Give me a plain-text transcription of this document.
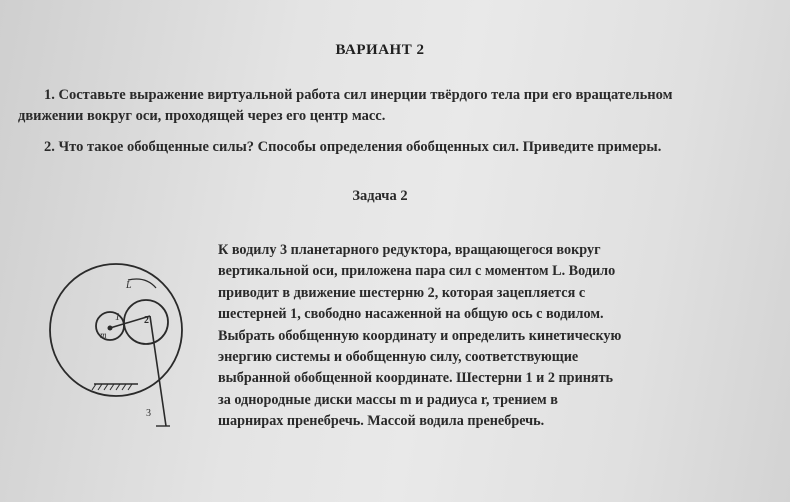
ВАРИАНТ 2
1. Составьте выражение виртуальной работа сил инерции твёрдого тела при его вращательном движении вокруг оси, проходящей через его центр масс.
2. Что такое обобщенные силы? Способы определения обобщенных сил. Приведите примеры.
Задача 2
К водилу 3 планетарного редуктора, вращающегося вокруг
вертикальной оси, приложена пара сил с моментом L. Водило
приводит в движение шестерню 2, которая зацепляется с
шестерней 1, свободно насаженной на общую ось с водилом.
Выбрать обобщенную координату и определить кинетическую
энергию системы и обобщенную силу, соответствующие
выбранной обобщенной координате. Шестерни 1 и 2 принять
за однородные диски массы m и радиуса r, трением в
шарнирах пренебречь. Массой водила пренебречь.
1 2
m
L
3
